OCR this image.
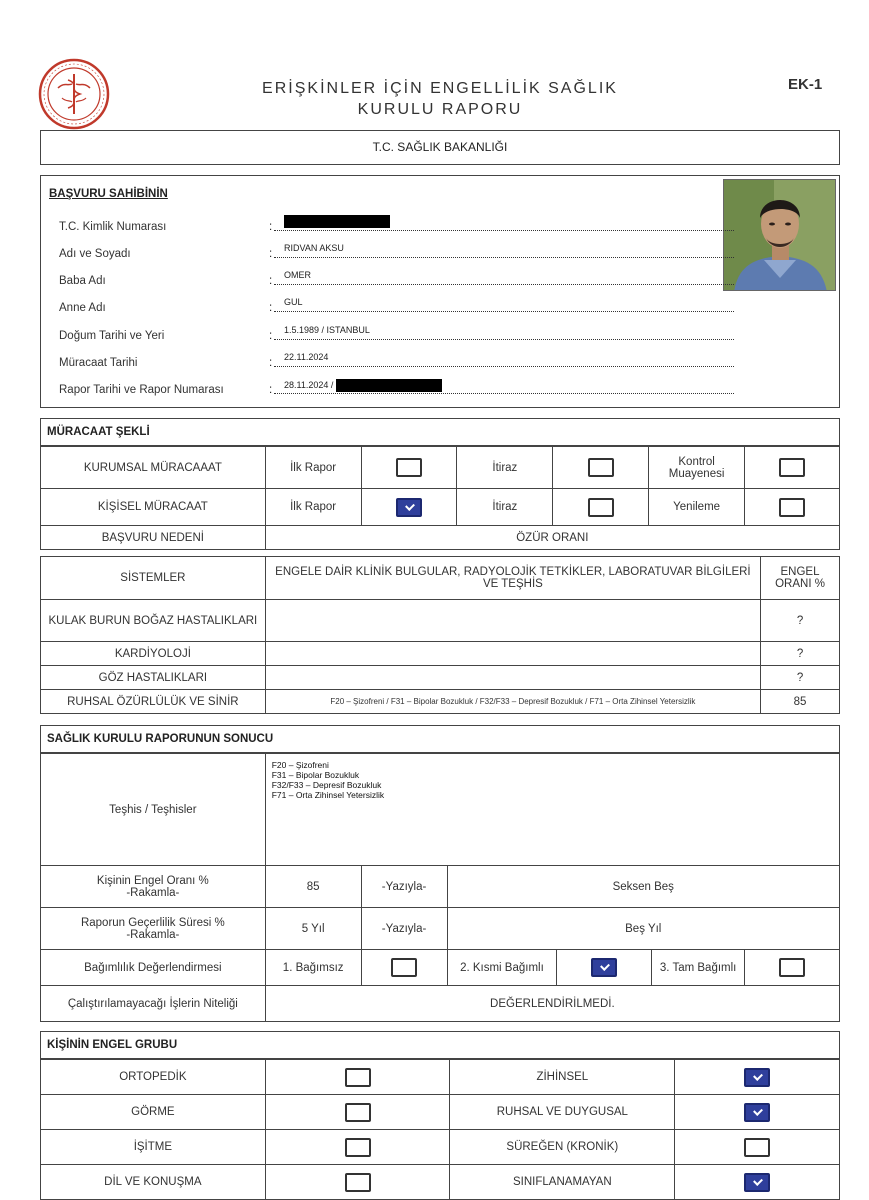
ERİŞKİNLER İÇİN ENGELLİLİK SAĞLIK
KURULU RAPORU
EK-1
T.C. SAĞLIK BAKANLIĞI
BAŞVURU SAHİBİNİN
T.C. Kimlik Numarası	:
Adı ve Soyadı	: RIDVAN AKSU
Baba Adı	: OMER
Anne Adı	: GUL
Doğum Tarihi ve Yeri	: 1.5.1989 / ISTANBUL
Müracaat Tarihi	: 22.11.2024
Rapor Tarihi ve Rapor Numarası	: 28.11.2024 /
MÜRACAAT ŞEKLİ
KURUMSAL MÜRACAAAT	İlk Rapor		İtiraz		Kontrol Muayenesi	
KİŞİSEL MÜRACAAT	İlk Rapor		İtiraz		Yenileme	
BAŞVURU NEDENİ	ÖZÜR ORANI					
SİSTEMLER	ENGELE DAİR KLİNİK BULGULAR, RADYOLOJİK TETKİKLER, LABORATUVAR BİLGİLERİ VE TEŞHİS	ENGEL ORANI %
KULAK BURUN BOĞAZ HASTALIKLARI		?
KARDİYOLOJİ		?
GÖZ HASTALIKLARI		?
RUHSAL ÖZÜRLÜLÜK VE SİNİR	F20 – Şizofreni / F31 – Bipolar Bozukluk / F32/F33 – Depresif Bozukluk / F71 – Orta Zihinsel Yetersizlik	85
SAĞLIK KURULU RAPORUNUN SONUCU
Teşhis / Teşhisler	F20 – Şizofreni
F31 – Bipolar Bozukluk
F32/F33 – Depresif Bozukluk
F71 – Orta Zihinsel Yetersizlik					

Kişinin Engel Oranı %
-Rakamla-	85	-Yazıyla-	Seksen Beş			

Raporun Geçerlilik Süresi %
-Rakamla-	5 Yıl	-Yazıyla-	Beş Yıl			
Bağımlılık Değerlendirmesi	1. Bağımsız		2. Kısmi Bağımlı		3. Tam Bağımlı	
Çalıştırılamayacağı İşlerin Niteliği	DEĞERLENDİRİLMEDİ.					
KİŞİNİN ENGEL GRUBU
ORTOPEDİK		ZİHİNSEL	
GÖRME		RUHSAL VE DUYGUSAL	
İŞİTME		SÜREĞEN (KRONİK)	
DİL VE KONUŞMA		SINIFLANAMAYAN	
